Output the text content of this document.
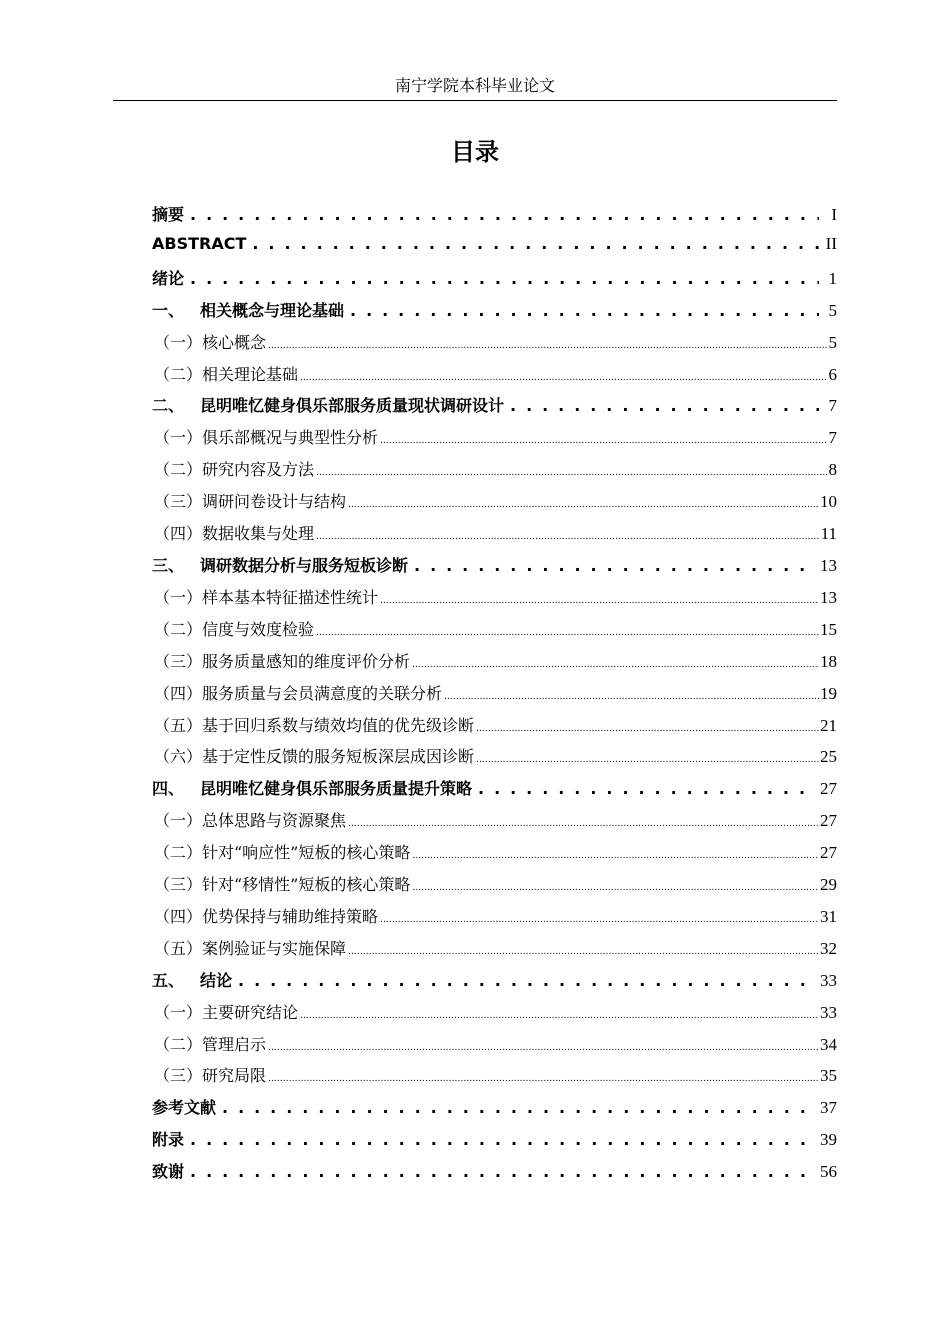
南宁学院本科毕业论文
目录
摘要 . . .	I
ABSTRACT . . .	II
绪论 . . .	1
一、 相关概念与理论基础 . . .	5
（一）核心概念 .....	5
（二）相关理论基础 .....	6
二、 昆明唯忆健身俱乐部服务质量现状调研设计 . . .	7
（一）俱乐部概况与典型性分析 .....	7
（二）研究内容及方法 .....	8
（三）调研问卷设计与结构 .....	10
（四）数据收集与处理 .....	11
三、 调研数据分析与服务短板诊断 . . .	13
（一）样本基本特征描述性统计 .....	13
（二）信度与效度检验 .....	15
（三）服务质量感知的维度评价分析 .....	18
（四）服务质量与会员满意度的关联分析 .....	19
（五）基于回归系数与绩效均值的优先级诊断 .....	21
（六）基于定性反馈的服务短板深层成因诊断 .....	25
四、 昆明唯忆健身俱乐部服务质量提升策略 . . .	27
（一）总体思路与资源聚焦 .....	27
（二）针对“响应性”短板的核心策略 .....	27
（三）针对“移情性”短板的核心策略 .....	29
（四）优势保持与辅助维持策略 .....	31
（五）案例验证与实施保障 .....	32
五、 结论 . . .	33
（一）主要研究结论 .....	33
（二）管理启示 .....	34
（三）研究局限 .....	35
参考文献 . . .	37
附录 . . .	39
致谢 . . .	56
